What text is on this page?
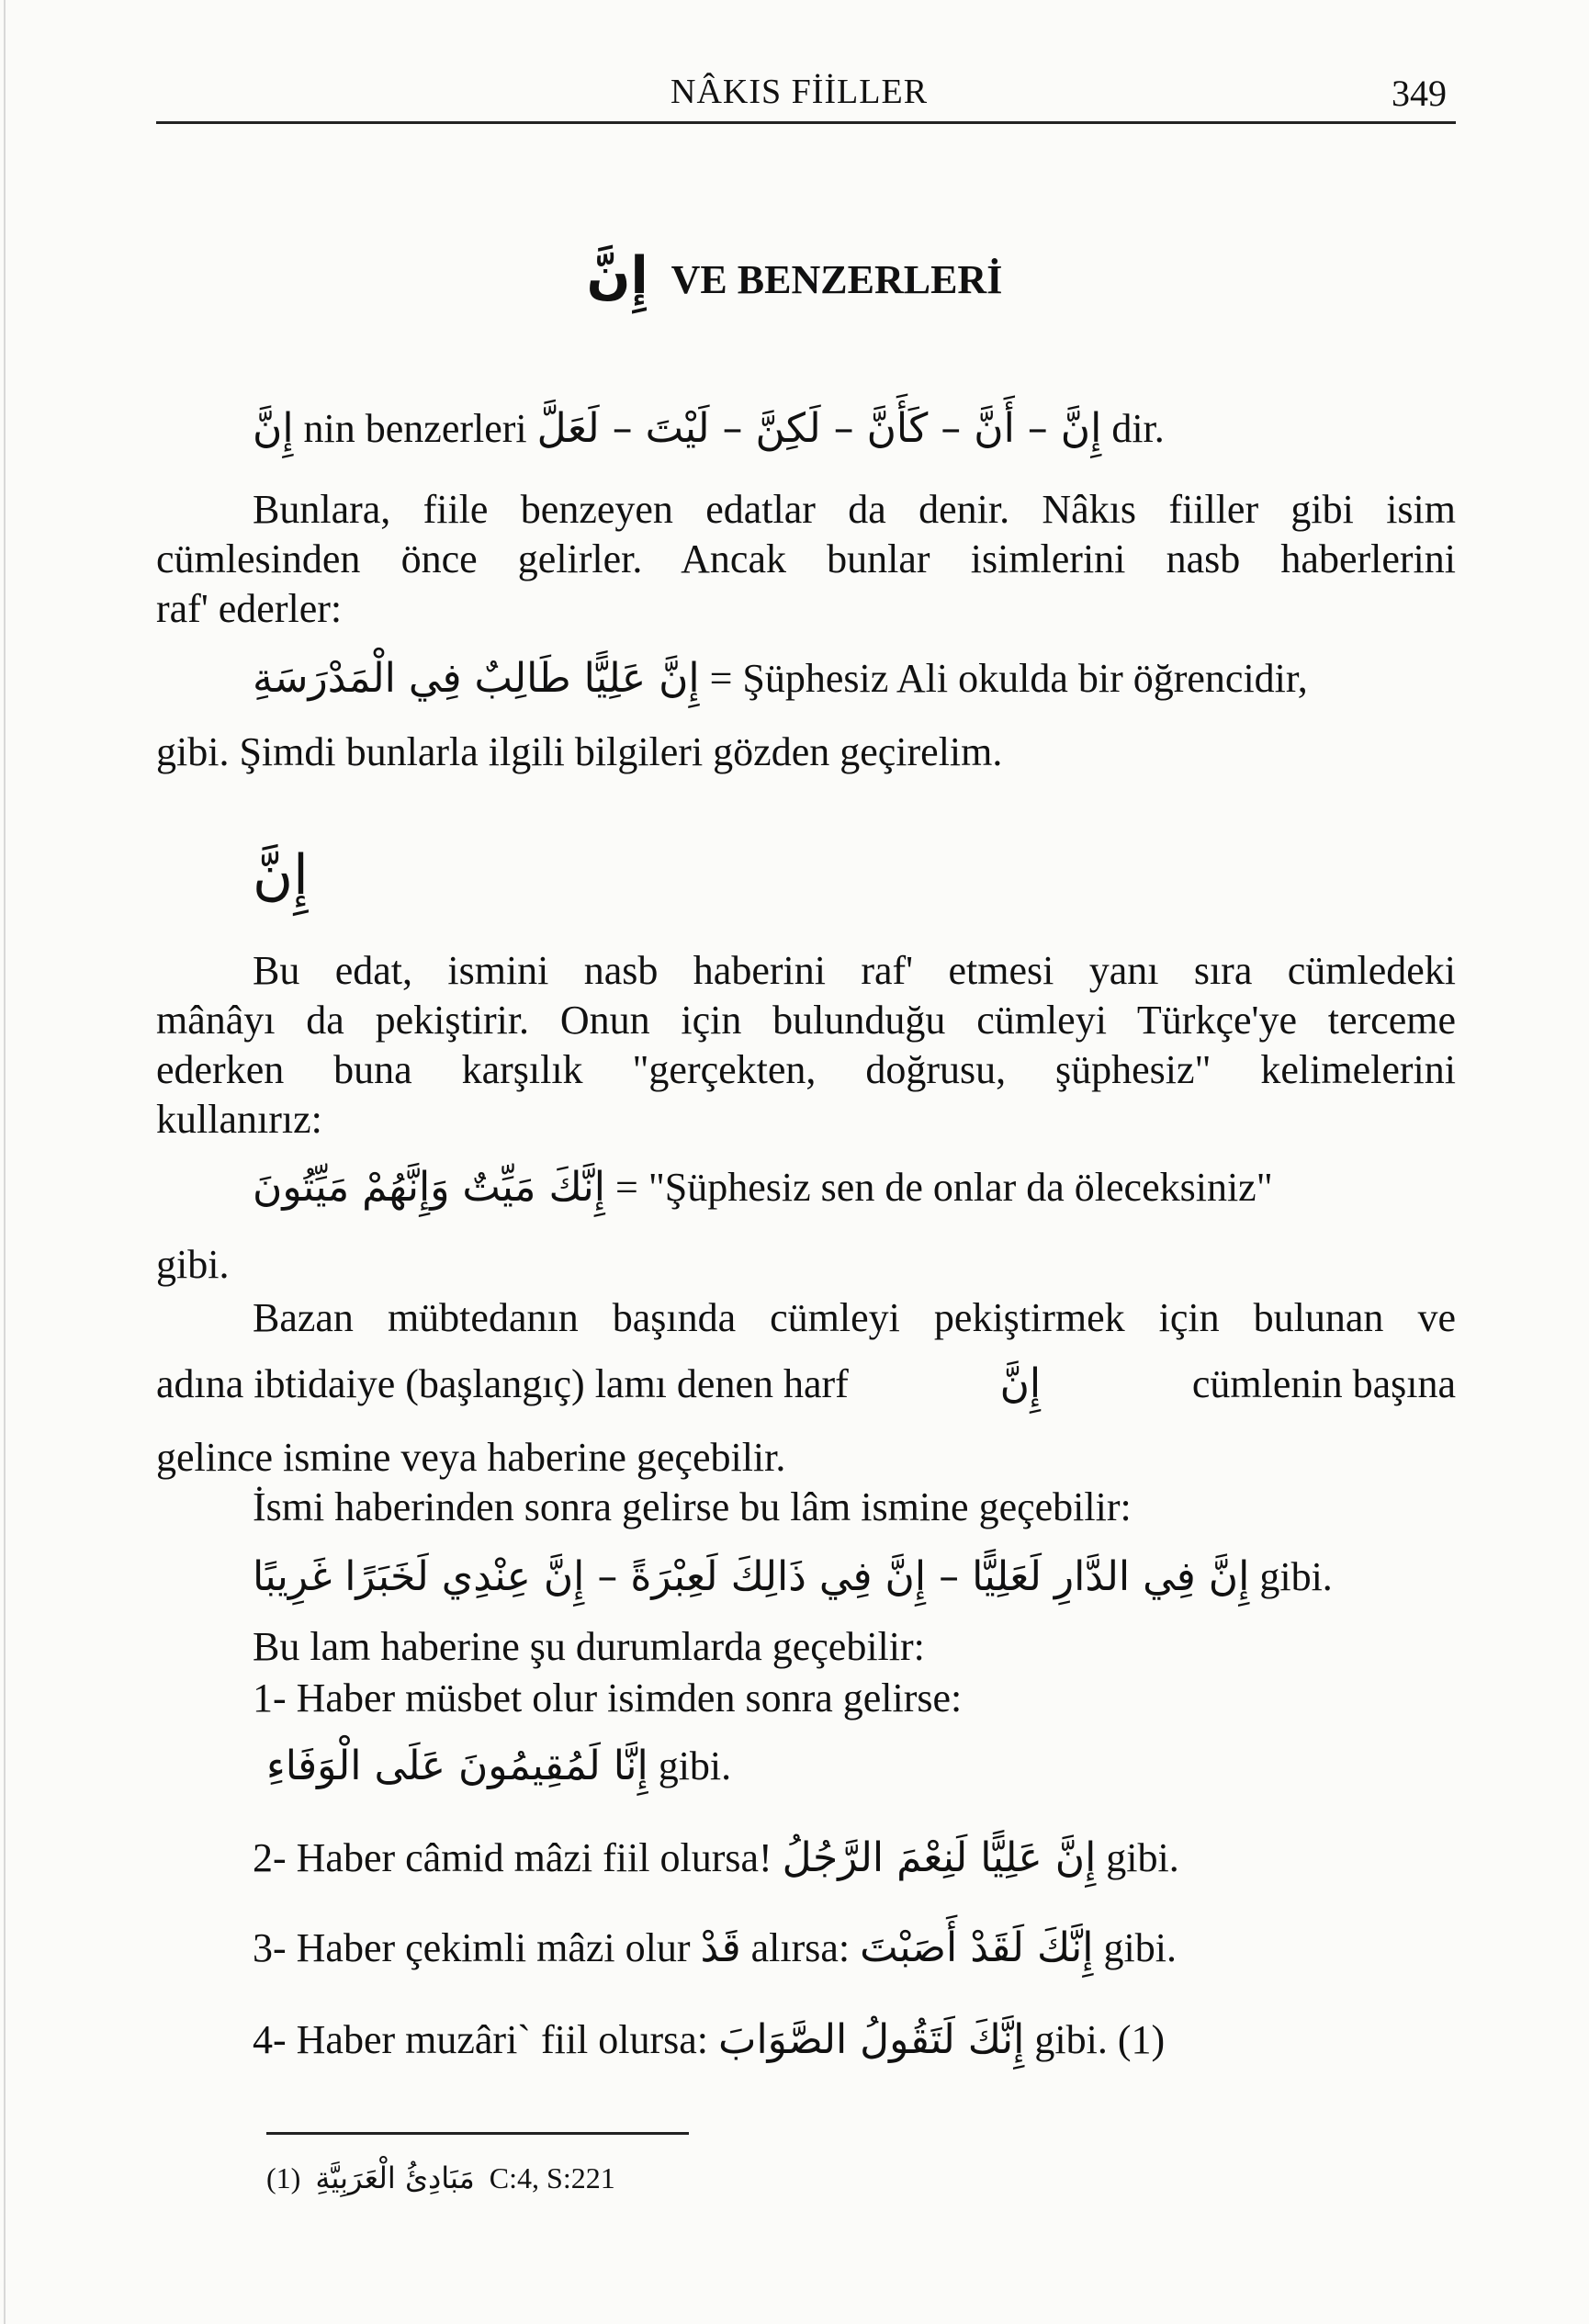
NÂKIS FİİLLER	349
إِنَّ VE BENZERLERİ
إِنَّ nin benzerleri إِنَّ – أَنَّ – كَأَنَّ – لَكِنَّ – لَيْتَ – لَعَلَّ dir.
Bunlara, fiile benzeyen edatlar da denir. Nâkıs fiiller gibi isim
cümlesinden önce gelirler. Ancak bunlar isimlerini nasb haberlerini
raf' ederler:
إِنَّ عَلِيًّا طَالِبٌ فِي الْمَدْرَسَةِ = Şüphesiz Ali okulda bir öğrencidir,
gibi. Şimdi bunlarla ilgili bilgileri gözden geçirelim.
إِنَّ
Bu edat, ismini nasb haberini raf' etmesi yanı sıra cümledeki
mânâyı da pekiştirir. Onun için bulunduğu cümleyi Türkçe'ye terceme
ederken buna karşılık "gerçekten, doğrusu, şüphesiz" kelimelerini
kullanırız:
إِنَّكَ مَيِّتٌ وَإِنَّهُمْ مَيِّتُونَ = "Şüphesiz sen de onlar da öleceksiniz"
gibi.
Bazan mübtedanın başında cümleyi pekiştirmek için bulunan ve
adına ibtidaiye (başlangıç) lamı denen harf	إِنَّ	cümlenin başına
gelince ismine veya haberine geçebilir.
İsmi haberinden sonra gelirse bu lâm ismine geçebilir:
إِنَّ فِي الدَّارِ لَعَلِيًّا – إِنَّ فِي ذَالِكَ لَعِبْرَةً – إِنَّ عِنْدِي لَخَبَرًا غَرِيبًا gibi.
Bu lam haberine şu durumlarda geçebilir:
1- Haber müsbet olur isimden sonra gelirse:
إِنَّا لَمُقِيمُونَ عَلَى الْوَفَاءِ gibi.
2- Haber câmid mâzi fiil olursa! إِنَّ عَلِيًّا لَنِعْمَ الرَّجُلُ gibi.
3- Haber çekimli mâzi olur قَدْ alırsa: إِنَّكَ لَقَدْ أَصَبْتَ gibi.
4- Haber muzâri` fiil olursa: إِنَّكَ لَتَقُولُ الصَّوَابَ gibi. (1)
(1) مَبَادِئُ الْعَرَبِيَّةِ C:4, S:221
